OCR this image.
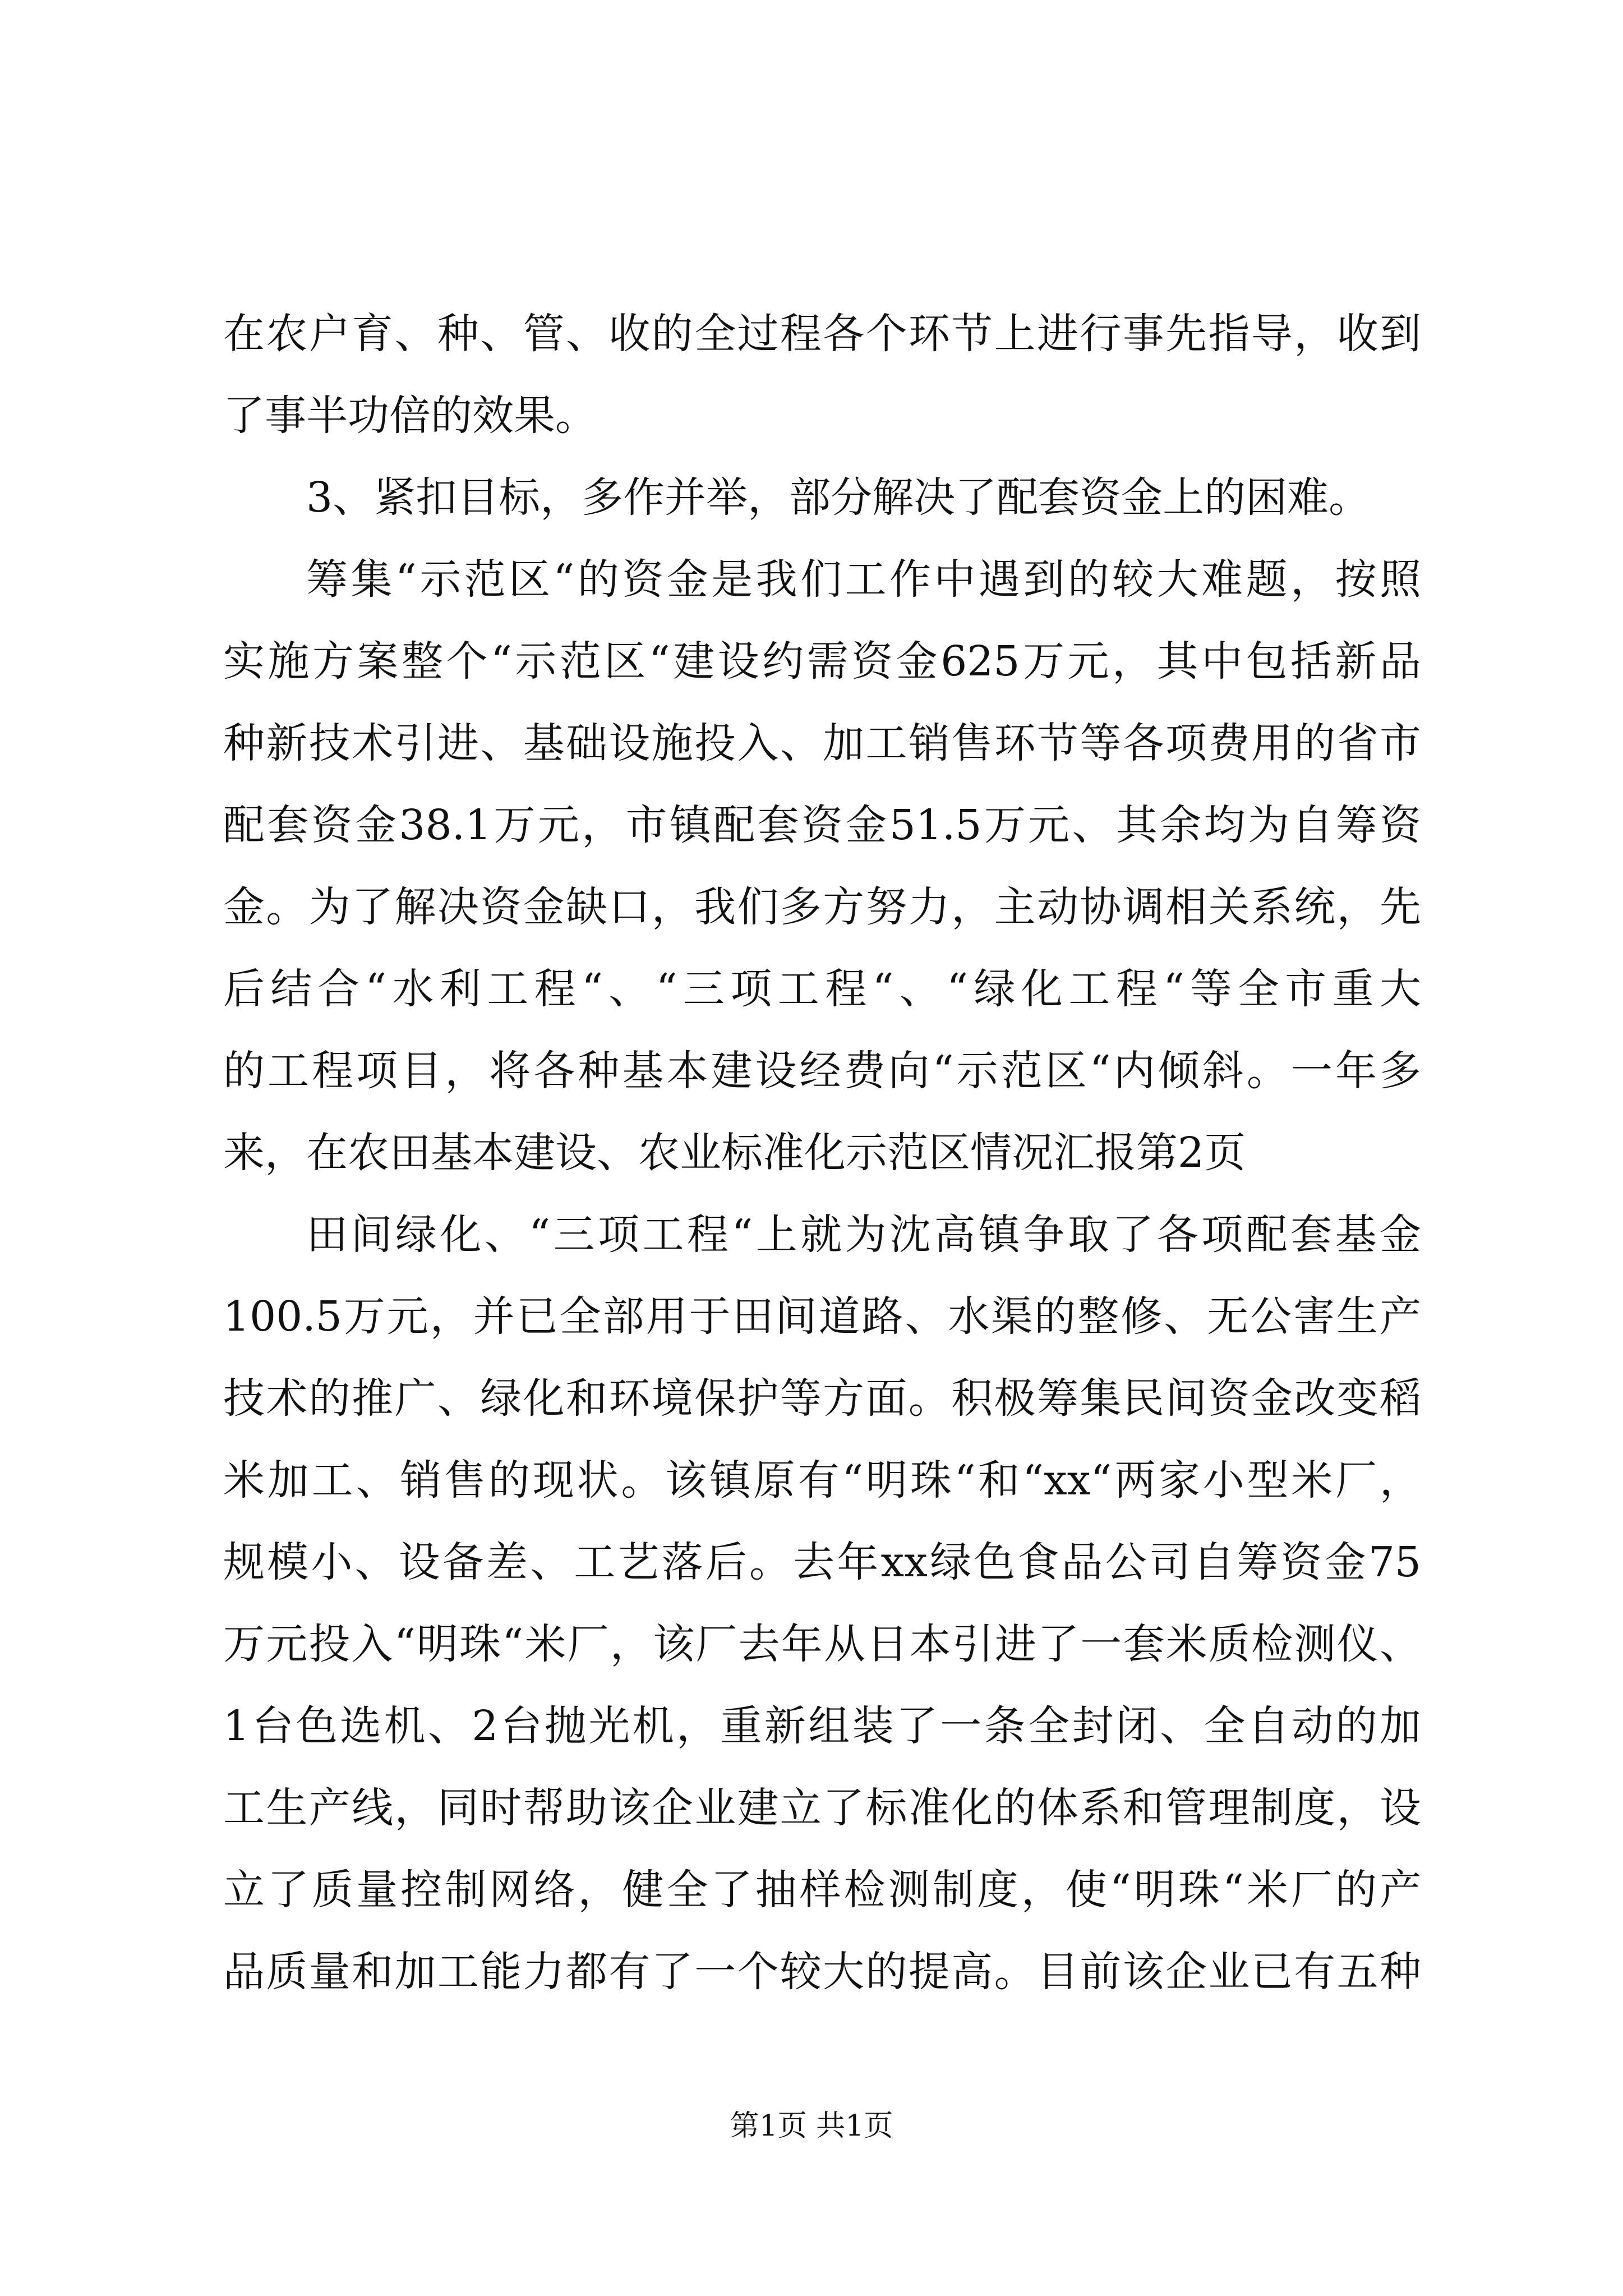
在农户育、种、管、收的全过程各个环节上进行事先指导，收到
了事半功倍的效果。
3、紧扣目标，多作并举，部分解决了配套资金上的困难。
筹集“示范区“的资金是我们工作中遇到的较大难题，按照
实施方案整个“示范区“建设约需资金625万元，其中包括新品
种新技术引进、基础设施投入、加工销售环节等各项费用的省市
配套资金38.1万元，市镇配套资金51.5万元、其余均为自筹资
金。为了解决资金缺口，我们多方努力，主动协调相关系统，先
后结合“水利工程“、“三项工程“、“绿化工程“等全市重大
的工程项目，将各种基本建设经费向“示范区“内倾斜。一年多
来，在农田基本建设、农业标准化示范区情况汇报第2页
田间绿化、“三项工程“上就为沈高镇争取了各项配套基金
100.5万元，并已全部用于田间道路、水渠的整修、无公害生产
技术的推广、绿化和环境保护等方面。积极筹集民间资金改变稻
米加工、销售的现状。该镇原有“明珠“和“xx“两家小型米厂，
规模小、设备差、工艺落后。去年xx绿色食品公司自筹资金75
万元投入“明珠“米厂，该厂去年从日本引进了一套米质检测仪、
1台色选机、2台抛光机，重新组装了一条全封闭、全自动的加
工生产线，同时帮助该企业建立了标准化的体系和管理制度，设
立了质量控制网络，健全了抽样检测制度，使“明珠“米厂的产
品质量和加工能力都有了一个较大的提高。目前该企业已有五种
第1页 共1页
